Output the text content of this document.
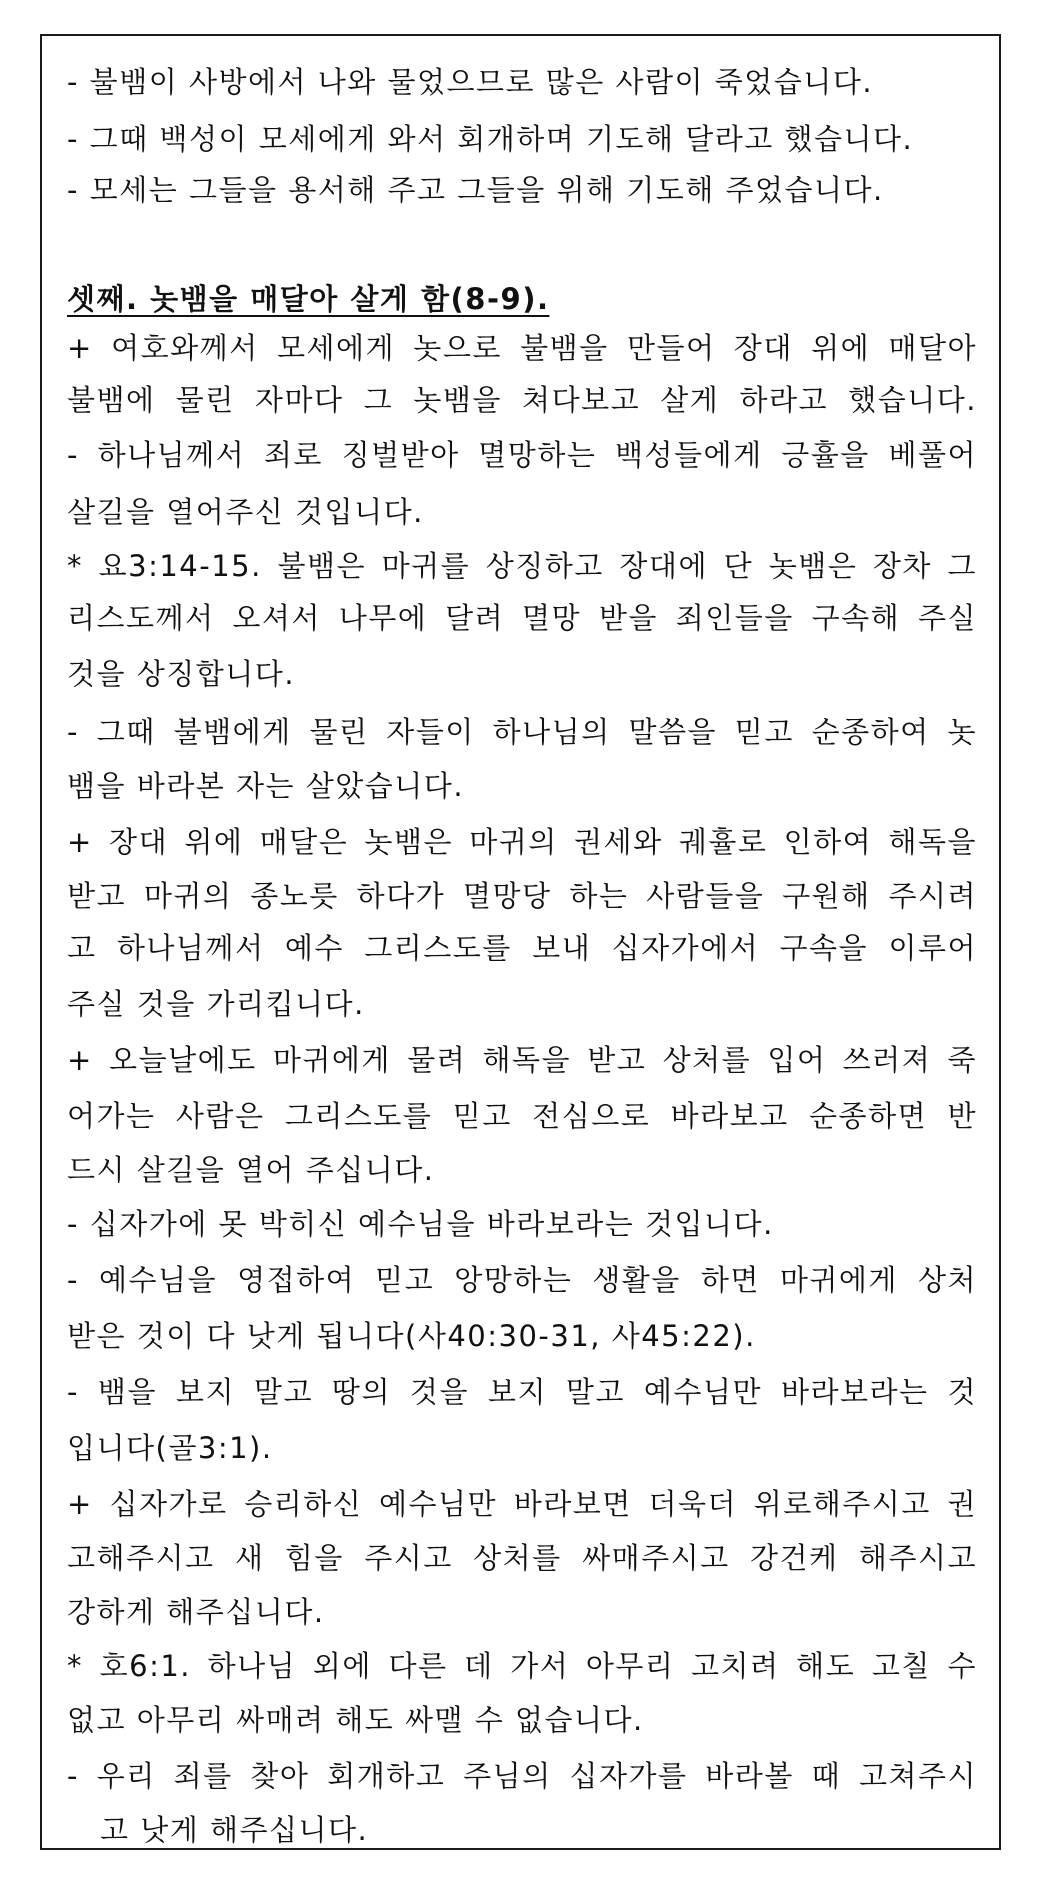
- 불뱀이 사방에서 나와 물었으므로 많은 사람이 죽었습니다.
- 그때 백성이 모세에게 와서 회개하며 기도해 달라고 했습니다.
- 모세는 그들을 용서해 주고 그들을 위해 기도해 주었습니다.
셋째. 놋뱀을 매달아 살게 함(8-9).
+ 여호와께서 모세에게 놋으로 불뱀을 만들어 장대 위에 매달아
불뱀에 물린 자마다 그 놋뱀을 쳐다보고 살게 하라고 했습니다.
- 하나님께서 죄로 징벌받아 멸망하는 백성들에게 긍휼을 베풀어
살길을 열어주신 것입니다.
* 요3:14-15. 불뱀은 마귀를 상징하고 장대에 단 놋뱀은 장차 그
리스도께서 오셔서 나무에 달려 멸망 받을 죄인들을 구속해 주실
것을 상징합니다.
- 그때 불뱀에게 물린 자들이 하나님의 말씀을 믿고 순종하여 놋
뱀을 바라본 자는 살았습니다.
+ 장대 위에 매달은 놋뱀은 마귀의 권세와 궤휼로 인하여 해독을
받고 마귀의 종노릇 하다가 멸망당 하는 사람들을 구원해 주시려
고 하나님께서 예수 그리스도를 보내 십자가에서 구속을 이루어
주실 것을 가리킵니다.
+ 오늘날에도 마귀에게 물려 해독을 받고 상처를 입어 쓰러져 죽
어가는 사람은 그리스도를 믿고 전심으로 바라보고 순종하면 반
드시 살길을 열어 주십니다.
- 십자가에 못 박히신 예수님을 바라보라는 것입니다.
- 예수님을 영접하여 믿고 앙망하는 생활을 하면 마귀에게 상처
받은 것이 다 낫게 됩니다(사40:30-31, 사45:22).
- 뱀을 보지 말고 땅의 것을 보지 말고 예수님만 바라보라는 것
입니다(골3:1).
+ 십자가로 승리하신 예수님만 바라보면 더욱더 위로해주시고 권
고해주시고 새 힘을 주시고 상처를 싸매주시고 강건케 해주시고
강하게 해주십니다.
* 호6:1. 하나님 외에 다른 데 가서 아무리 고치려 해도 고칠 수
없고 아무리 싸매려 해도 싸맬 수 없습니다.
- 우리 죄를 찾아 회개하고 주님의 십자가를 바라볼 때 고쳐주시
고 낫게 해주십니다.
